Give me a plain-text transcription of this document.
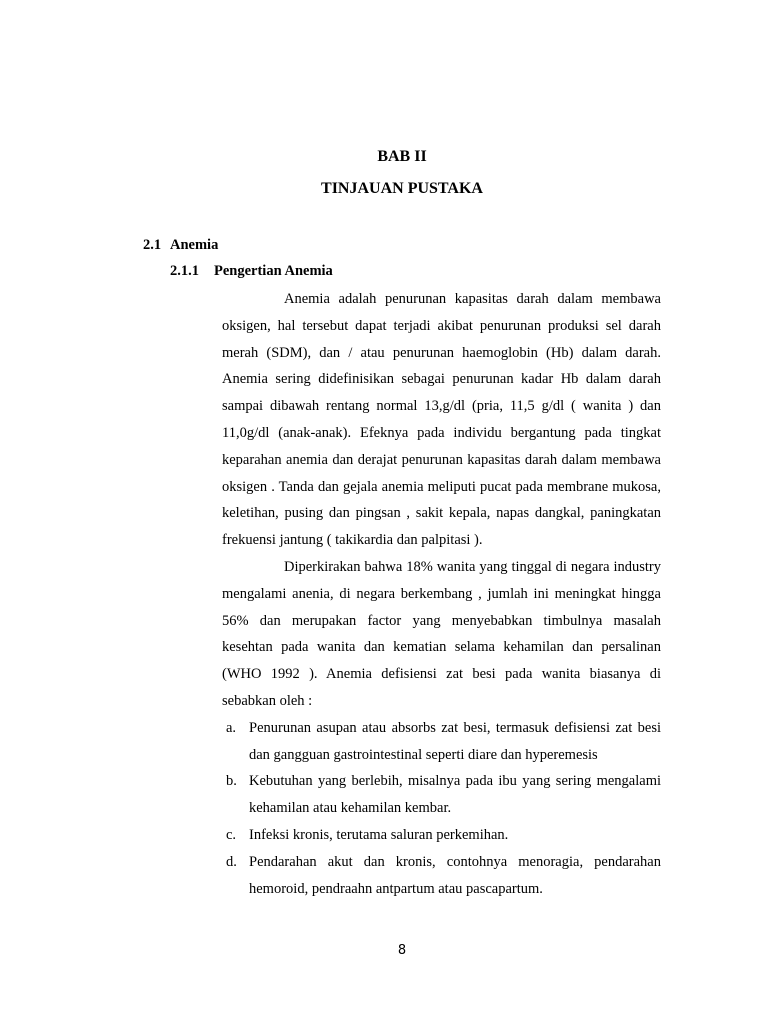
BAB II
TINJAUAN PUSTAKA
2.1 Anemia
2.1.1 Pengertian Anemia

Anemia adalah penurunan kapasitas darah dalam membawa oksigen, hal tersebut dapat terjadi akibat penurunan produksi sel darah merah (SDM), dan / atau penurunan haemoglobin (Hb) dalam darah. Anemia sering didefinisikan sebagai penurunan kadar Hb dalam darah sampai dibawah rentang normal 13,g/dl (pria, 11,5 g/dl ( wanita ) dan 11,0g/dl (anak-anak). Efeknya pada individu bergantung pada tingkat keparahan anemia dan derajat penurunan kapasitas darah dalam membawa oksigen . Tanda dan gejala anemia meliputi pucat pada membrane mukosa, keletihan, pusing dan pingsan , sakit kepala, napas dangkal, paningkatan frekuensi jantung ( takikardia dan palpitasi ).

Diperkirakan bahwa 18% wanita yang tinggal di negara industry mengalami anenia, di negara berkembang , jumlah ini meningkat hingga 56% dan merupakan factor yang menyebabkan timbulnya masalah kesehtan pada wanita dan kematian selama kehamilan dan persalinan (WHO 1992 ). Anemia defisiensi zat besi pada wanita biasanya di sebabkan oleh :

a. Penurunan asupan atau absorbs zat besi, termasuk defisiensi zat besi dan gangguan gastrointestinal seperti diare dan hyperemesis
b. Kebutuhan yang berlebih, misalnya pada ibu yang sering mengalami kehamilan atau kehamilan kembar.
c. Infeksi kronis, terutama saluran perkemihan.
d. Pendarahan akut dan kronis, contohnya menoragia, pendarahan hemoroid, pendraahn antpartum atau pascapartum.
8
